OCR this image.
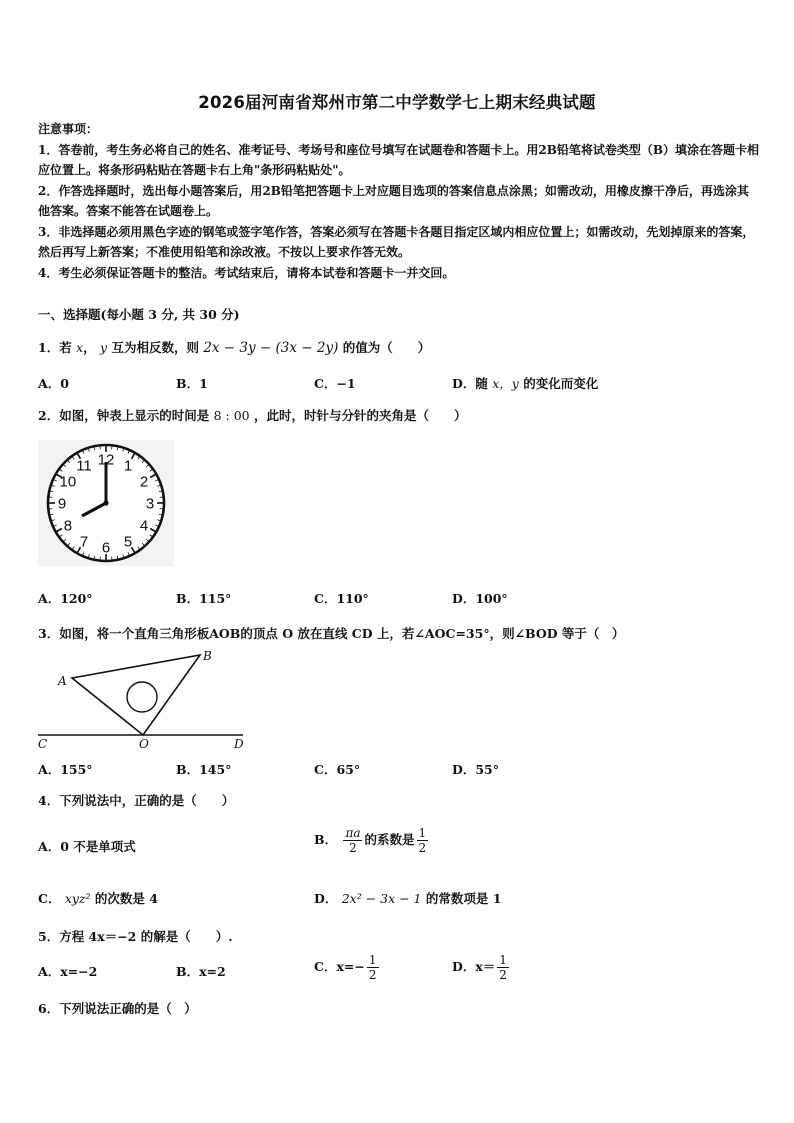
2026届河南省郑州市第二中学数学七上期末经典试题

注意事项：

1．答卷前，考生务必将自己的姓名、准考证号、考场号和座位号填写在试题卷和答题卡上。用2B铅笔将试卷类型（B）填涂在答题卡相应位置上。将条形码粘贴在答题卡右上角"条形码粘贴处"。

2．作答选择题时，选出每小题答案后，用2B铅笔把答题卡上对应题目选项的答案信息点涂黑；如需改动，用橡皮擦干净后，再选涂其他答案。答案不能答在试题卷上。

3．非选择题必须用黑色字迹的钢笔或签字笔作答，答案必须写在答题卡各题目指定区域内相应位置上；如需改动，先划掉原来的答案，然后再写上新答案；不准使用铅笔和涂改液。不按以上要求作答无效。

4．考生必须保证答题卡的整洁。考试结束后，请将本试卷和答题卡一并交回。

一、选择题(每小题 3 分, 共 30 分)
1．若 x， y 互为相反数，则 2x − 3y − (3x − 2y) 的值为（　　）
A．0	B．1	C．−1	D．随 x，y 的变化而变化
2．如图，钟表上显示的时间是 8 : 00 ，此时，时针与分针的夹角是（　　）
12 1
2
3
4
5
6
7
8
9
10
11
A．120°	B．115°	C．110°	D．100°
3．如图，将一个直角三角形板AOB的顶点 O 放在直线 CD 上，若∠AOC=35°，则∠BOD 等于（　）
A
B
C	O	D
A．155°	B．145°	C．65°	D．55°
4．下列说法中，正确的是（　　）
A．0 不是单项式	B． $\frac{\pi a}{2}$ 的系数是 $\frac{1}{2}$
C． xyz² 的次数是 4	D． 2x² − 3x − 1 的常数项是 1
5．方程 4x＝−2 的解是（　　）.
A．x=−2	B．x=2	C．$x=- \frac{1}{2}$	D．$x= \frac{1}{2}$
6．下列说法正确的是（　）
